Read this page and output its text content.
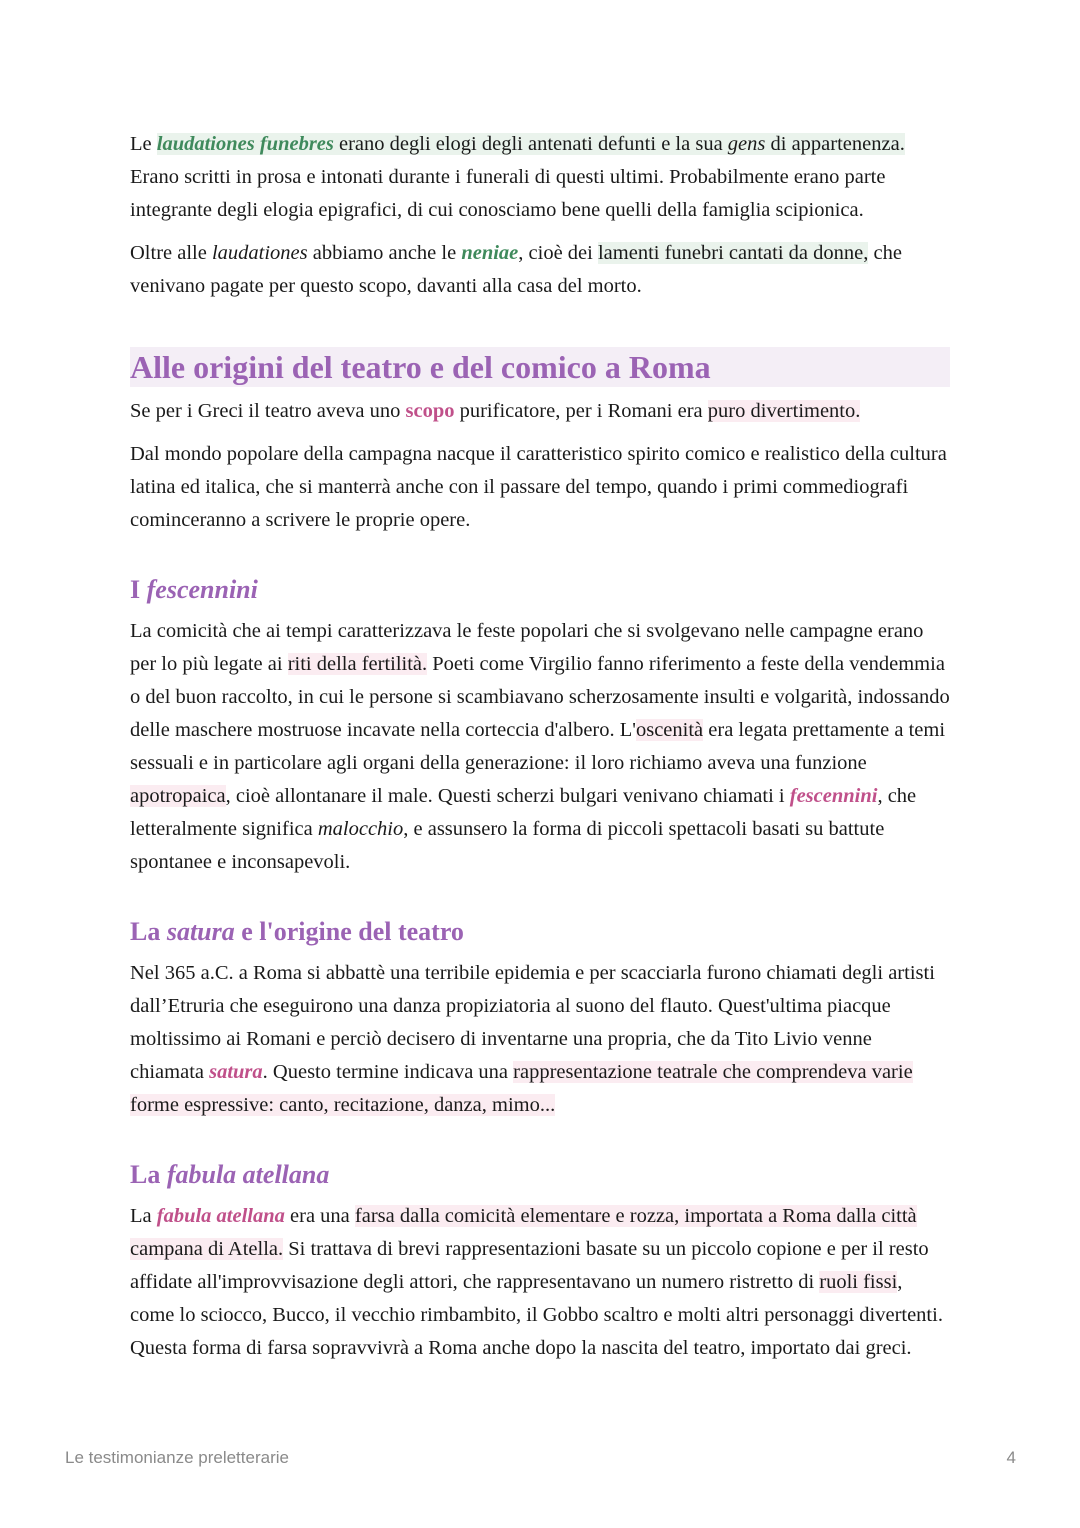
Le laudationes funebres erano degli elogi degli antenati defunti e la sua gens di appartenenza. Erano scritti in prosa e intonati durante i funerali di questi ultimi. Probabilmente erano parte integrante degli elogia epigrafici, di cui conosciamo bene quelli della famiglia scipionica.

Oltre alle laudationes abbiamo anche le neniae, cioè dei lamenti funebri cantati da donne, che venivano pagate per questo scopo, davanti alla casa del morto.

Alle origini del teatro e del comico a Roma

Se per i Greci il teatro aveva uno scopo purificatore, per i Romani era puro divertimento.

Dal mondo popolare della campagna nacque il caratteristico spirito comico e realistico della cultura latina ed italica, che si manterrà anche con il passare del tempo, quando i primi commediografi cominceranno a scrivere le proprie opere.

I fescennini

La comicità che ai tempi caratterizzava le feste popolari che si svolgevano nelle campagne erano per lo più legate ai riti della fertilità. Poeti come Virgilio fanno riferimento a feste della vendemmia o del buon raccolto, in cui le persone si scambiavano scherzosamente insulti e volgarità, indossando delle maschere mostruose incavate nella corteccia d'albero. L'oscenità era legata prettamente a temi sessuali e in particolare agli organi della generazione: il loro richiamo aveva una funzione apotropaica, cioè allontanare il male. Questi scherzi bulgari venivano chiamati i fescennini, che letteralmente significa malocchio, e assunsero la forma di piccoli spettacoli basati su battute spontanee e inconsapevoli.

La satura e l'origine del teatro

Nel 365 a.C. a Roma si abbattè una terribile epidemia e per scacciarla furono chiamati degli artisti dall’Etruria che eseguirono una danza propiziatoria al suono del flauto. Quest'ultima piacque moltissimo ai Romani e perciò decisero di inventarne una propria, che da Tito Livio venne chiamata satura. Questo termine indicava una rappresentazione teatrale che comprendeva varie forme espressive: canto, recitazione, danza, mimo...

La fabula atellana

La fabula atellana era una farsa dalla comicità elementare e rozza, importata a Roma dalla città campana di Atella. Si trattava di brevi rappresentazioni basate su un piccolo copione e per il resto affidate all'improvvisazione degli attori, che rappresentavano un numero ristretto di ruoli fissi, come lo sciocco, Bucco, il vecchio rimbambito, il Gobbo scaltro e molti altri personaggi divertenti. Questa forma di farsa sopravvivrà a Roma anche dopo la nascita del teatro, importato dai greci.

Le testimonianze preletterarie	4
